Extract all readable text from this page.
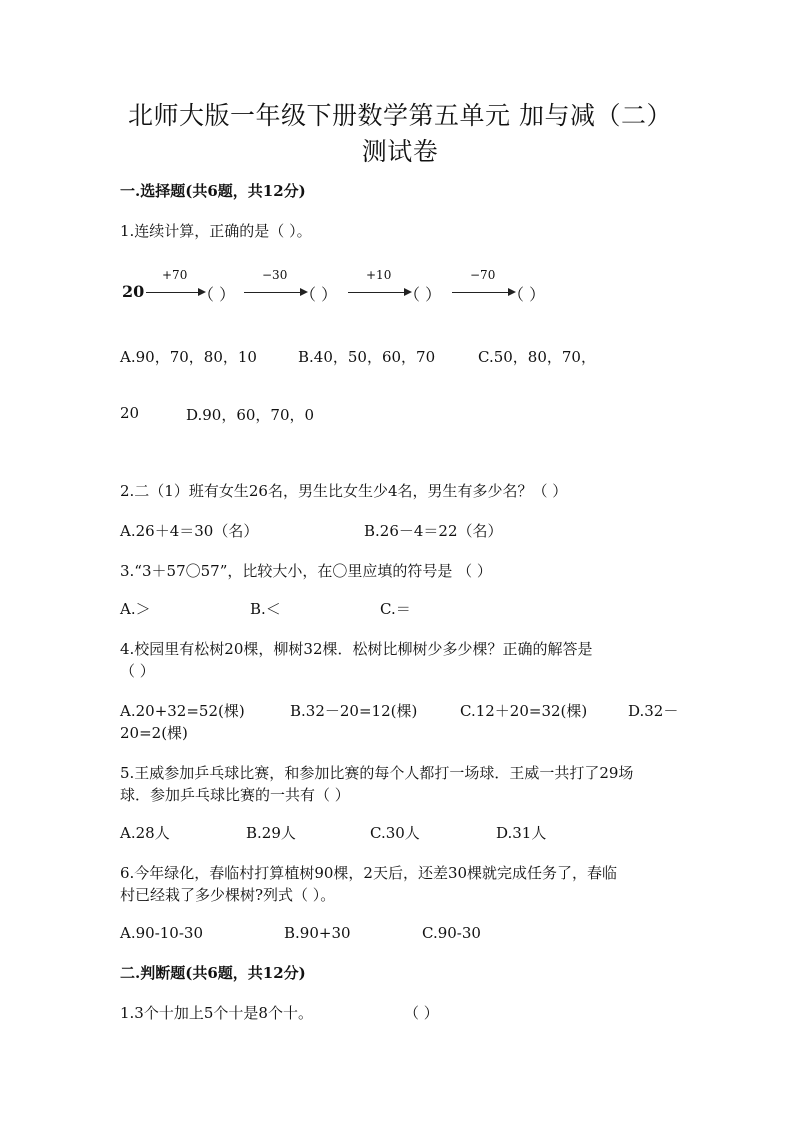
北师大版一年级下册数学第五单元 加与减（二）
测试卷
一.选择题(共6题，共12分)
1.连续计算，正确的是（ ）。
20
+70
（ ）
−30
（ ）
+10
（ ）
−70
（ ）
A.90，70，80，10	B.40，50，60，70	C.50，80，70，
20	D.90，60，70，0
2.二（1）班有女生26名，男生比女生少4名，男生有多少名？（ ）
A.26＋4＝30（名）	B.26－4＝22（名）
3.“3＋57〇57”，比较大小，在〇里应填的符号是 （ ）
A.＞	B.＜	C.＝
4.校园里有松树20棵，柳树32棵．松树比柳树少多少棵？正确的解答是
（ ）
A.20+32=52(棵)	B.32－20=12(棵)	C.12＋20=32(棵)	D.32－
20=2(棵)
5.王威参加乒乓球比赛，和参加比赛的每个人都打一场球．王威一共打了29场
球．参加乒乓球比赛的一共有（ ）
A.28人	B.29人	C.30人	D.31人
6.今年绿化，春临村打算植树90棵，2天后，还差30棵就完成任务了，春临
村已经栽了多少棵树?列式（ ）。
A.90-10-30	B.90+30	C.90-30
二.判断题(共6题，共12分)
1.3个十加上5个十是8个十。	（ ）
